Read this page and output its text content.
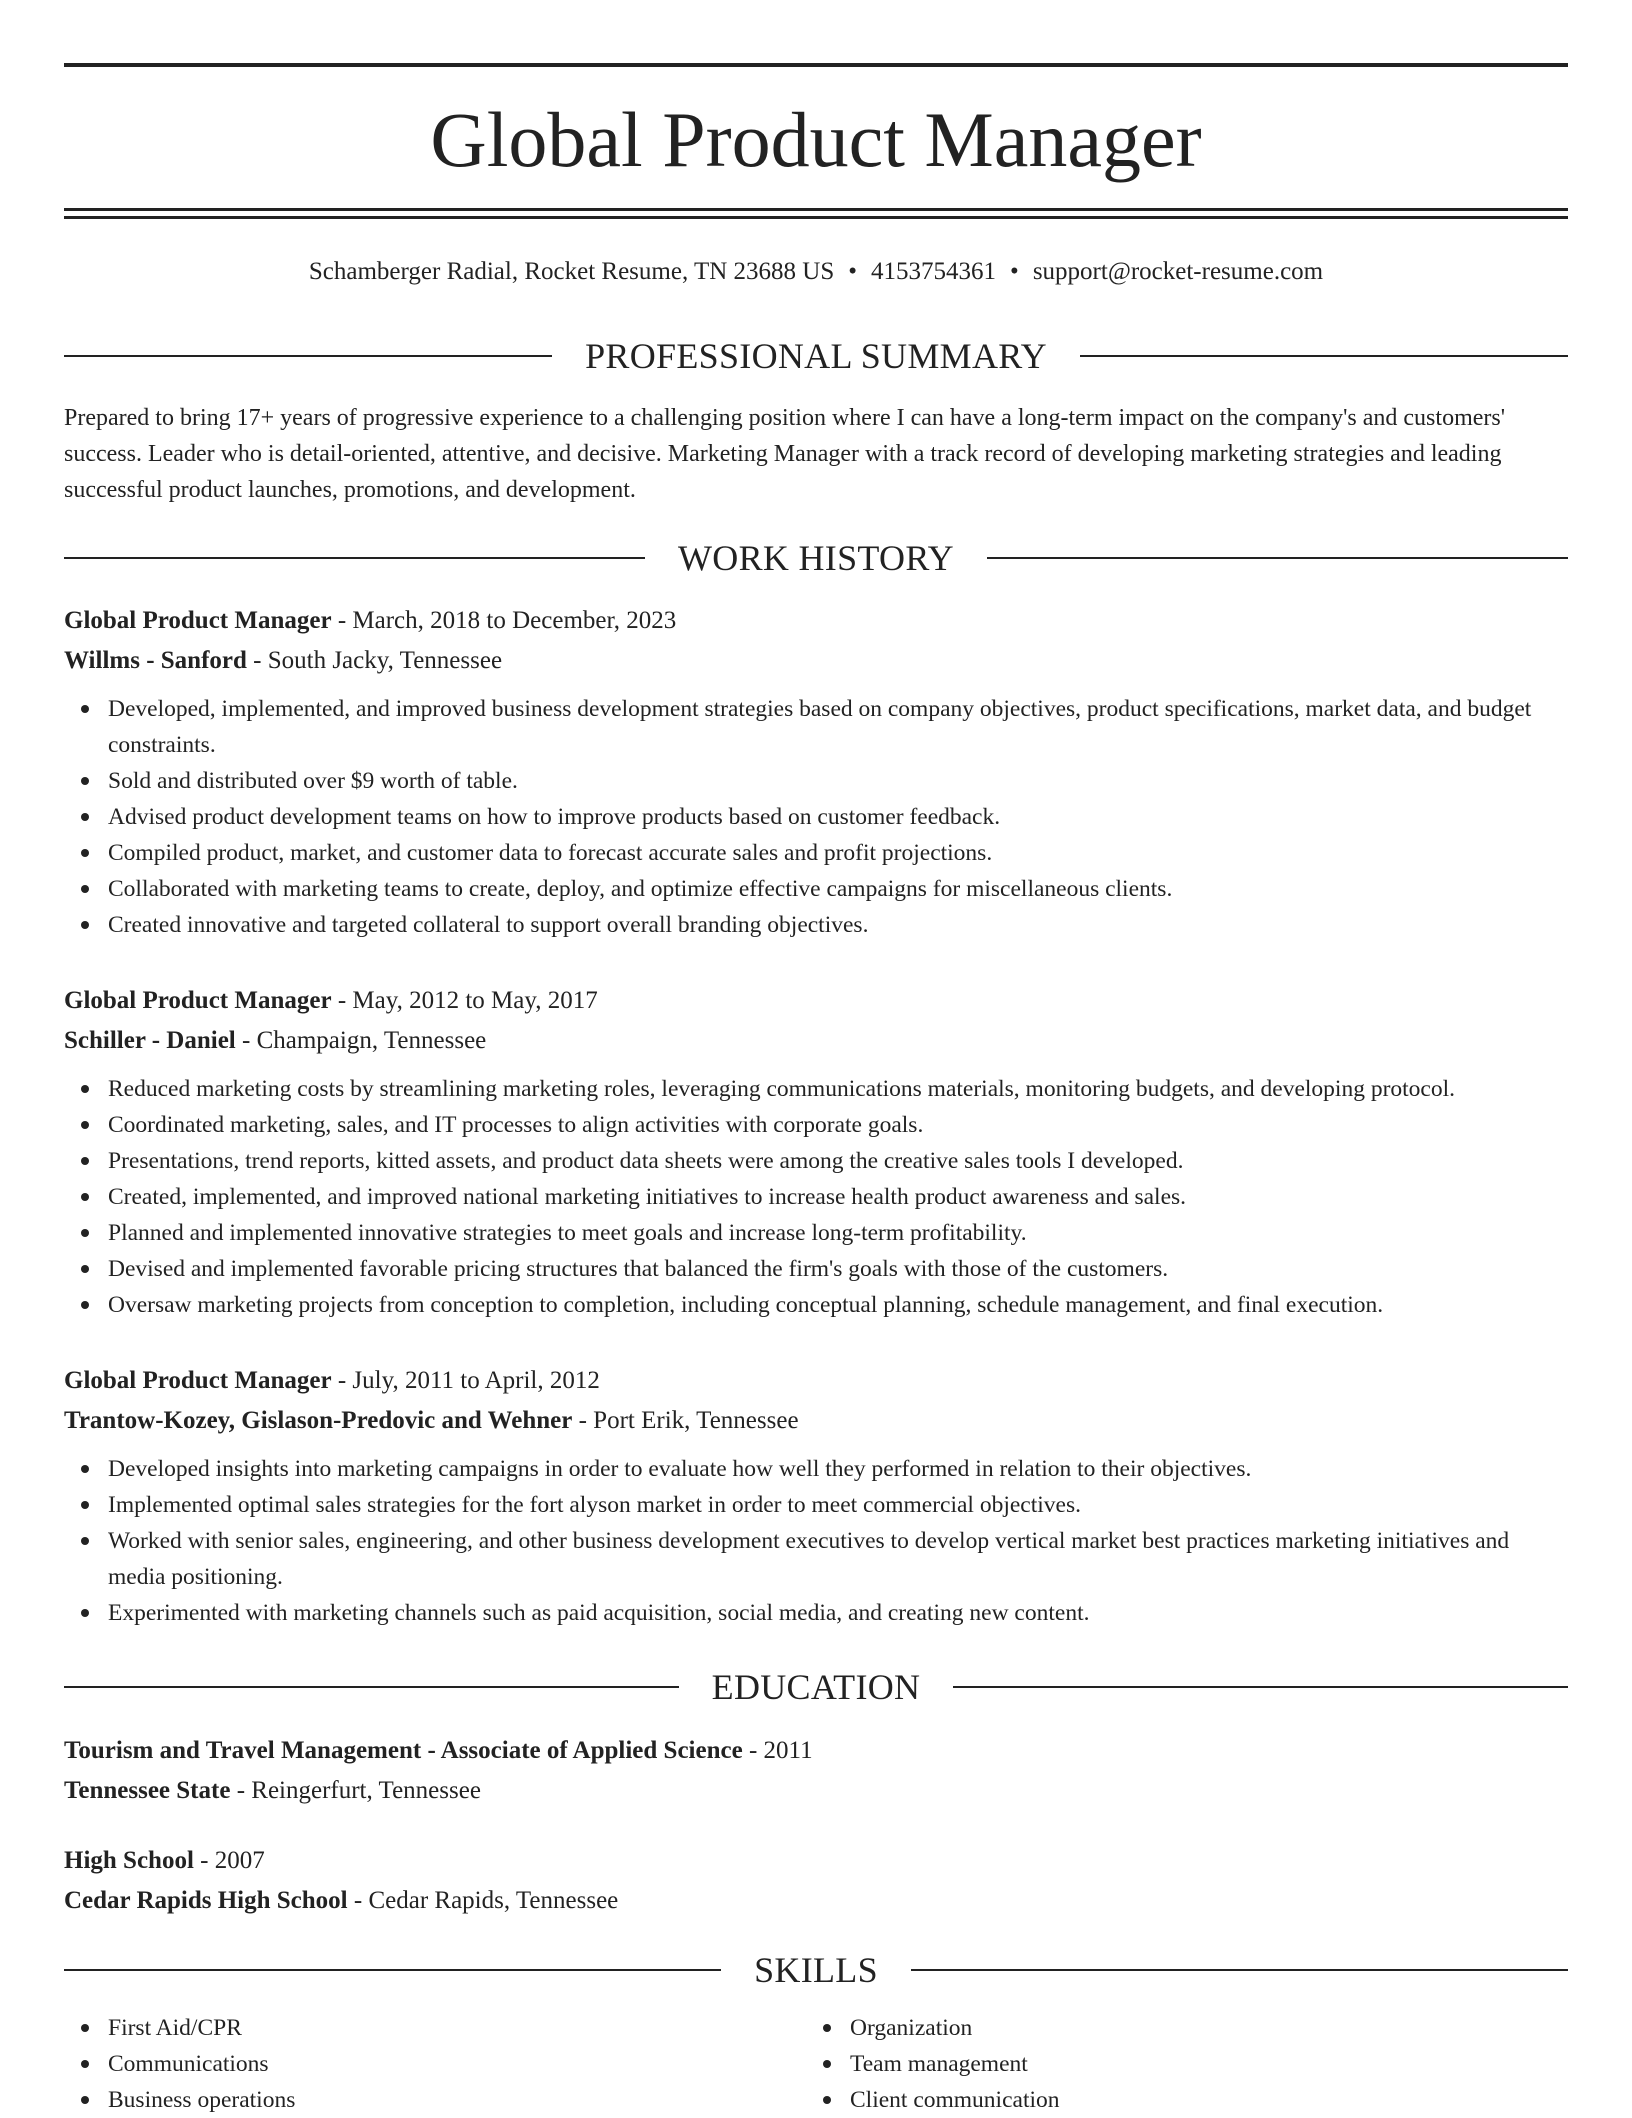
Global Product Manager
Schamberger Radial, Rocket Resume, TN 23688 US • 4153754361 • support@rocket-resume.com
PROFESSIONAL SUMMARY

Prepared to bring 17+ years of progressive experience to a challenging position where I can have a long-term impact on the company's and customers' success. Leader who is detail-oriented, attentive, and decisive. Marketing Manager with a track record of developing marketing strategies and leading successful product launches, promotions, and development.

WORK HISTORY

Global Product Manager - March, 2018 to December, 2023

Willms - Sanford - South Jacky, Tennessee

Developed, implemented, and improved business development strategies based on company objectives, product specifications, market data, and budget constraints.
Sold and distributed over $9 worth of table.
Advised product development teams on how to improve products based on customer feedback.
Compiled product, market, and customer data to forecast accurate sales and profit projections.
Collaborated with marketing teams to create, deploy, and optimize effective campaigns for miscellaneous clients.
Created innovative and targeted collateral to support overall branding objectives.

Global Product Manager - May, 2012 to May, 2017

Schiller - Daniel - Champaign, Tennessee

Reduced marketing costs by streamlining marketing roles, leveraging communications materials, monitoring budgets, and developing protocol.
Coordinated marketing, sales, and IT processes to align activities with corporate goals.
Presentations, trend reports, kitted assets, and product data sheets were among the creative sales tools I developed.
Created, implemented, and improved national marketing initiatives to increase health product awareness and sales.
Planned and implemented innovative strategies to meet goals and increase long-term profitability.
Devised and implemented favorable pricing structures that balanced the firm's goals with those of the customers.
Oversaw marketing projects from conception to completion, including conceptual planning, schedule management, and final execution.

Global Product Manager - July, 2011 to April, 2012

Trantow-Kozey, Gislason-Predovic and Wehner - Port Erik, Tennessee

Developed insights into marketing campaigns in order to evaluate how well they performed in relation to their objectives.
Implemented optimal sales strategies for the fort alyson market in order to meet commercial objectives.
Worked with senior sales, engineering, and other business development executives to develop vertical market best practices marketing initiatives and media positioning.
Experimented with marketing channels such as paid acquisition, social media, and creating new content.
EDUCATION

Tourism and Travel Management - Associate of Applied Science - 2011

Tennessee State - Reingerfurt, Tennessee

High School - 2007

Cedar Rapids High School - Cedar Rapids, Tennessee

SKILLS
First Aid/CPR
Communications
Business operations
Organization
Team management
Client communication
